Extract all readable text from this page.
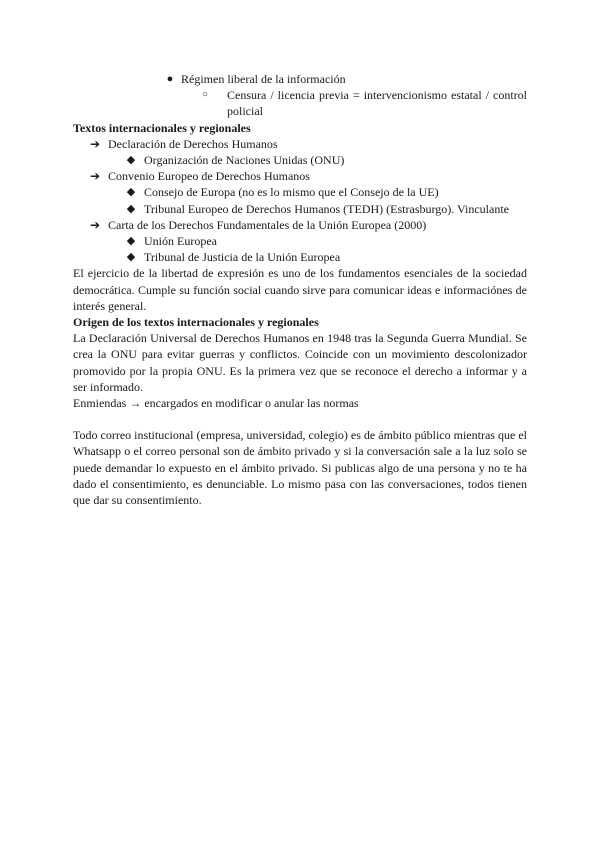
● Régimen liberal de la información
○ Censura / licencia previa = intervencionismo estatal / control policial
Textos internacionales y regionales
➔ Declaración de Derechos Humanos
◆ Organización de Naciones Unidas (ONU)
➔ Convenio Europeo de Derechos Humanos
◆ Consejo de Europa (no es lo mismo que el Consejo de la UE)
◆ Tribunal Europeo de Derechos Humanos (TEDH) (Estrasburgo). Vinculante
➔ Carta de los Derechos Fundamentales de la Unión Europea (2000)
◆ Unión Europea
◆ Tribunal de Justicia de la Unión Europea
El ejercicio de la libertad de expresión es uno de los fundamentos esenciales de la sociedad democrática. Cumple su función social cuando sirve para comunicar ideas e informaciónes de interés general.
Origen de los textos internacionales y regionales
La Declaración Universal de Derechos Humanos en 1948 tras la Segunda Guerra Mundial. Se crea la ONU para evitar guerras y conflictos. Coincide con un movimiento descolonizador promovido por la propia ONU. Es la primera vez que se reconoce el derecho a informar y a ser informado.
Enmiendas → encargados en modificar o anular las normas
Todo correo institucional (empresa, universidad, colegio) es de ámbito público mientras que el Whatsapp o el correo personal son de ámbito privado y si la conversación sale a la luz solo se puede demandar lo expuesto en el ámbito privado. Si publicas algo de una persona y no te ha dado el consentimiento, es denunciable. Lo mismo pasa con las conversaciones, todos tienen que dar su consentimiento.
